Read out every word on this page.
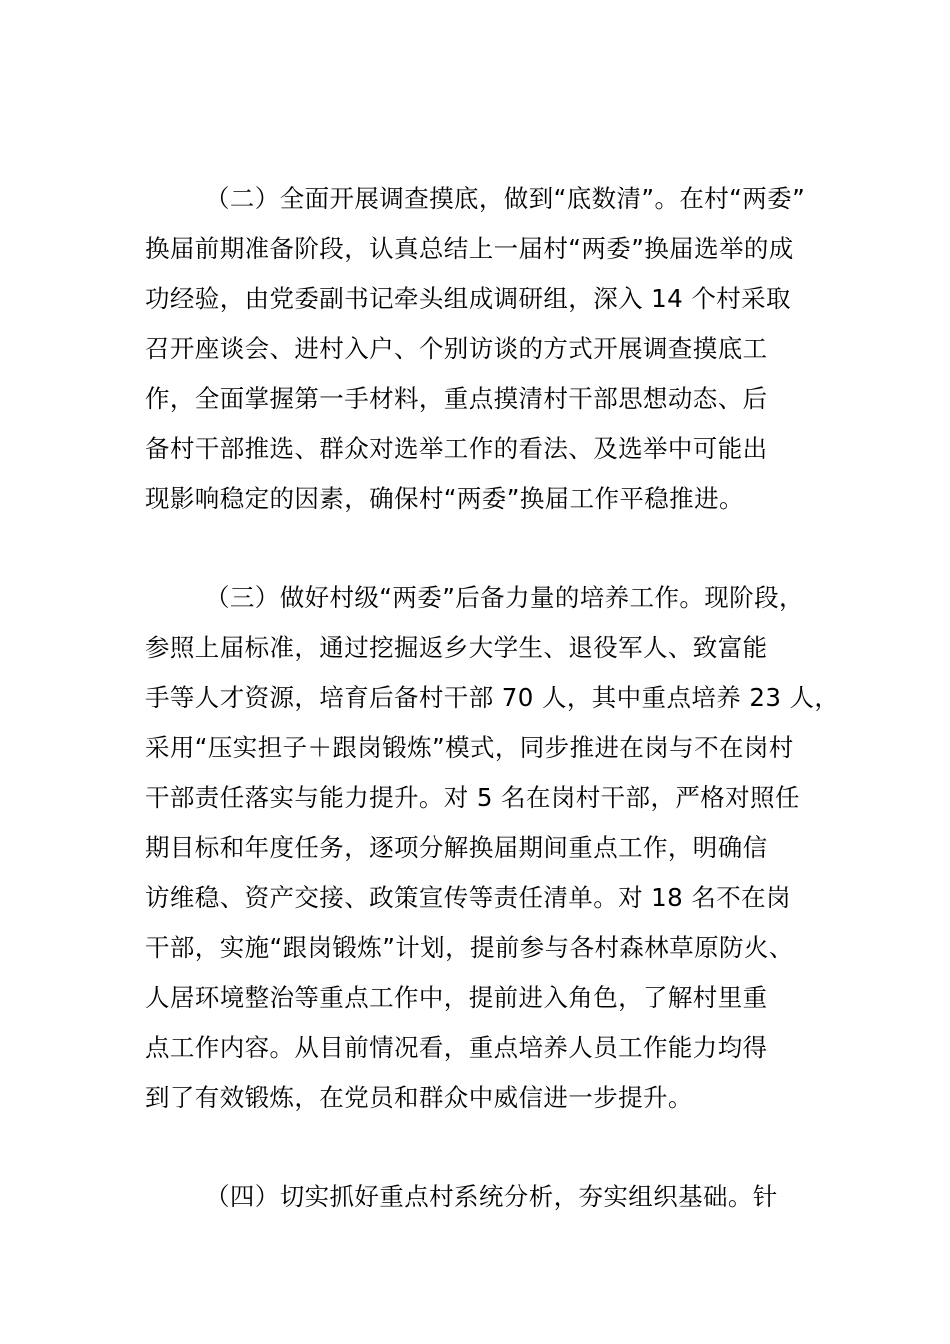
（二）全面开展调查摸底，做到“底数清”。在村“两委”
换届前期准备阶段，认真总结上一届村“两委”换届选举的成
功经验，由党委副书记牵头组成调研组，深入 14 个村采取
召开座谈会、进村入户、个别访谈的方式开展调查摸底工
作，全面掌握第一手材料，重点摸清村干部思想动态、后
备村干部推选、群众对选举工作的看法、及选举中可能出
现影响稳定的因素，确保村“两委”换届工作平稳推进。
（三）做好村级“两委”后备力量的培养工作。现阶段，
参照上届标准，通过挖掘返乡大学生、退役军人、致富能
手等人才资源，培育后备村干部 70 人，其中重点培养 23 人，
采用“压实担子＋跟岗锻炼”模式，同步推进在岗与不在岗村
干部责任落实与能力提升。对 5 名在岗村干部，严格对照任
期目标和年度任务，逐项分解换届期间重点工作，明确信
访维稳、资产交接、政策宣传等责任清单。对 18 名不在岗
干部，实施“跟岗锻炼”计划，提前参与各村森林草原防火、
人居环境整治等重点工作中，提前进入角色，了解村里重
点工作内容。从目前情况看，重点培养人员工作能力均得
到了有效锻炼，在党员和群众中威信进一步提升。
（四）切实抓好重点村系统分析，夯实组织基础。针
